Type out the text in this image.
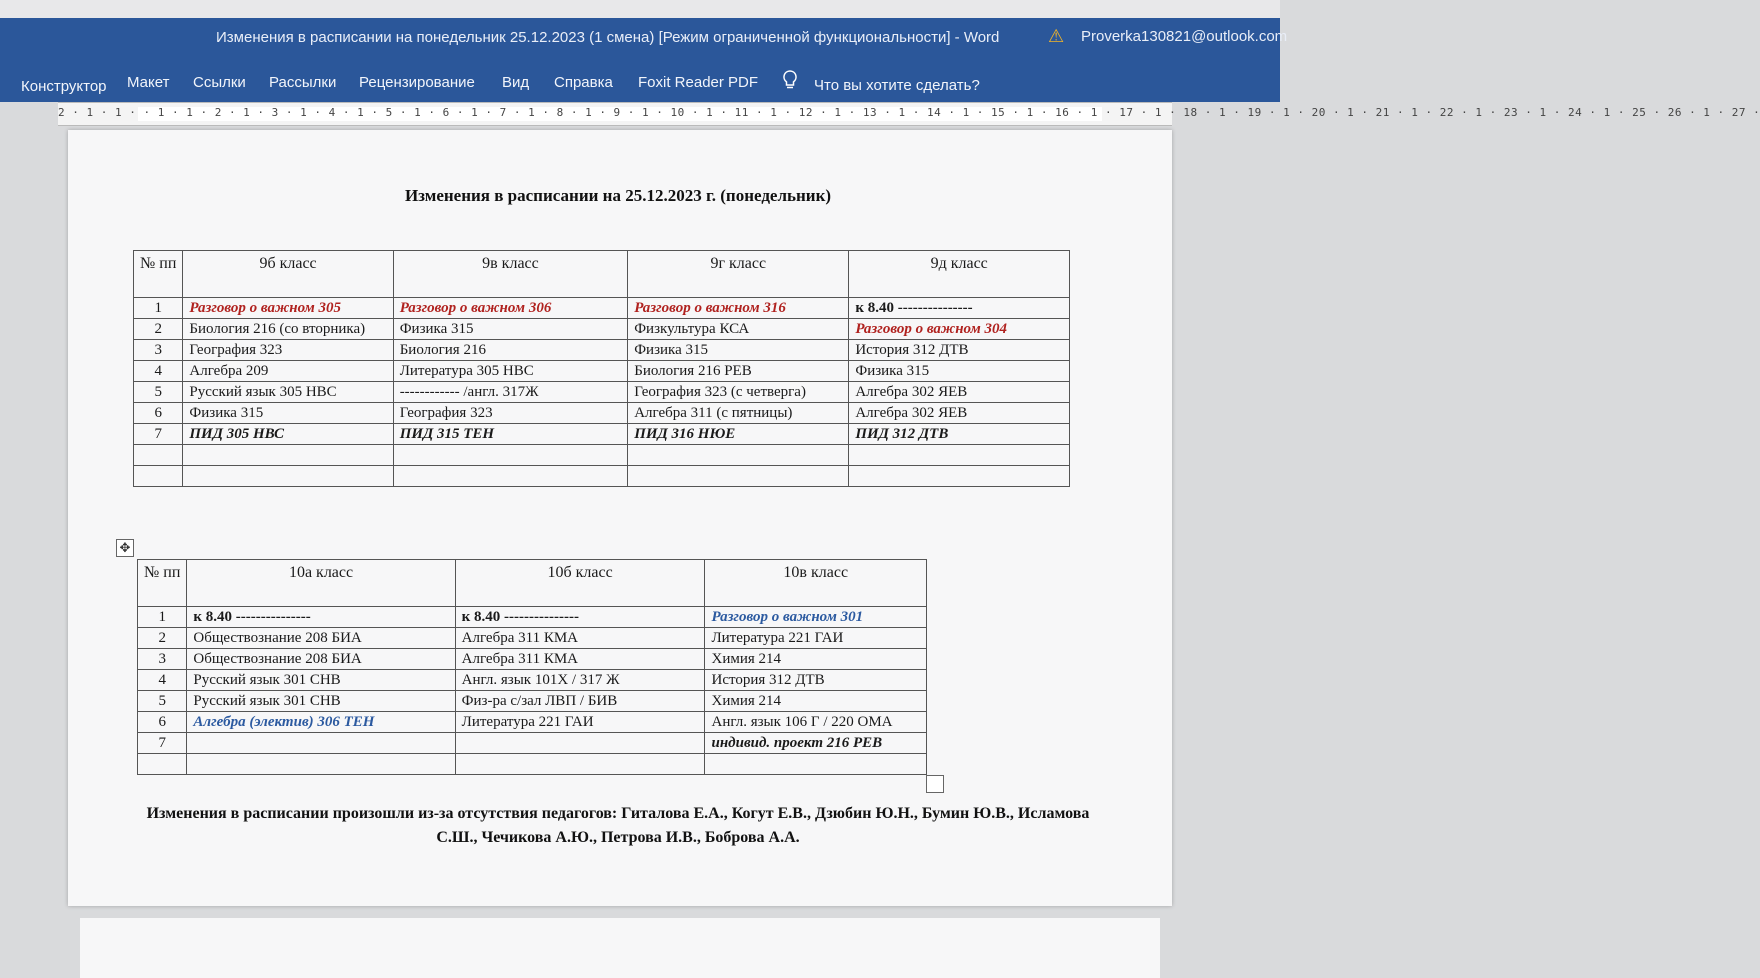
Изменения в расписании на понедельник 25.12.2023 (1 смена) [Режим ограниченной функциональности] - Word	⚠ Proverka130821@outlook.com
Конструктор Макет Ссылки Рассылки Рецензирование Вид Справка Foxit Reader PDF	Что вы хотите сделать?
2 · 1 · 1 · · 1 · 1 · 2 · 1 · 3 · 1 · 4 · 1 · 5 · 1 · 6 · 1 · 7 · 1 · 8 · 1 · 9 · 1 · 10 · 1 · 11 · 1 · 12 · 1 · 13 · 1 · 14 · 1 · 15 · 1 · 16 · 1 · 17 · 1 · 18 · 1 · 19 · 1 · 20 · 1 · 21 · 1 · 22 · 1 · 23 · 1 · 24 · 1 · 25 · 26 · 1 · 27 ·
Изменения в расписании на 25.12.2023 г. (понедельник)
№ пп	9б класс	9в класс	9г класс	9д класс
1	Разговор о важном 305	Разговор о важном 306	Разговор о важном 316	к 8.40 ---------------
2	Биология 216 (со вторника)	Физика 315	Физкультура КСА	Разговор о важном 304
3	География 323	Биология 216	Физика 315	История 312 ДТВ
4	Алгебра 209	Литература 305 НВС	Биология 216 РЕВ	Физика 315
5	Русский язык 305 НВС	------------ /англ. 317Ж	География 323 (с четверга)	Алгебра 302 ЯЕВ
6	Физика 315	География 323	Алгебра 311 (с пятницы)	Алгебра 302 ЯЕВ
7	ПИД 305 НВС	ПИД 315 ТЕН	ПИД 316 НЮЕ	ПИД 312 ДТВ

✥
№ пп	10а класс	10б класс	10в класс
1	к 8.40 ---------------	к 8.40 ---------------	Разговор о важном 301
2	Обществознание 208 БИА	Алгебра 311 КМА	Литература 221 ГАИ
3	Обществознание 208 БИА	Алгебра 311 КМА	Химия 214
4	Русский язык 301 СНВ	Англ. язык 101Х / 317 Ж	История 312 ДТВ
5	Русский язык 301 СНВ	Физ-ра с/зал ЛВП / БИВ	Химия 214
6	Алгебра (электив) 306 ТЕН	Литература 221 ГАИ	Англ. язык 106 Г / 220 ОМА
7			индивид. проект 216 РЕВ

Изменения в расписании произошли из-за отсутствия педагогов: Гиталова Е.А., Когут Е.В., Дзюбин Ю.Н., Бумин Ю.В., Исламова С.Ш., Чечикова А.Ю., Петрова И.В., Боброва А.А.
